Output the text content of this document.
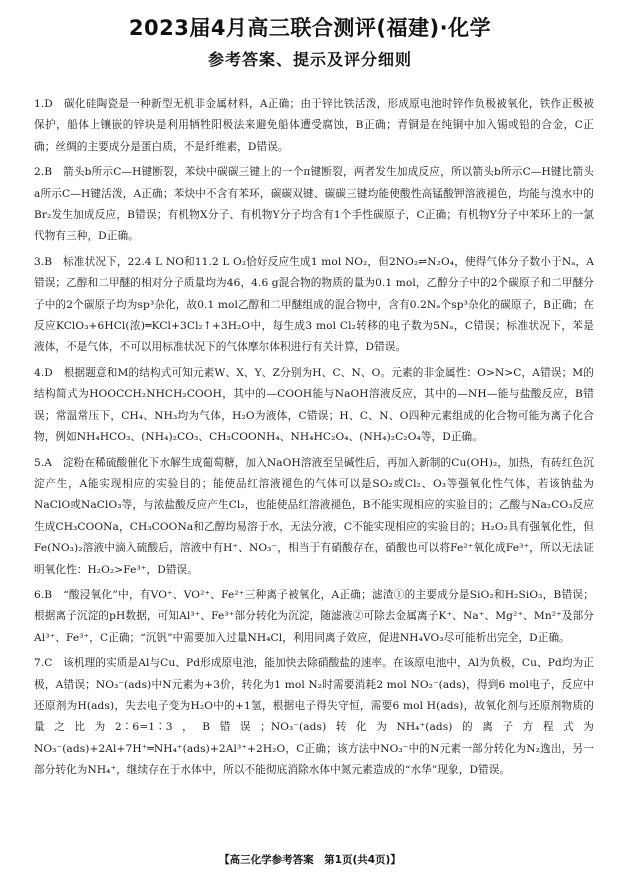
2023届4月高三联合测评(福建)·化学
参考答案、提示及评分细则

1.D　 碳化硅陶瓷是一种新型无机非金属材料，A正确；由于锌比铁活泼，形成原电池时锌作负极被氧化，铁作正极被保护，船体上镶嵌的锌块是利用牺牲阳极法来避免船体遭受腐蚀，B正确；青铜是在纯铜中加入锡或铅的合金，C正确；丝绸的主要成分是蛋白质，不是纤维素，D错误。

2.B　 箭头b所示C—H键断裂，苯炔中碳碳三键上的一个π键断裂，两者发生加成反应，所以箭头b所示C—H键比箭头a所示C—H键活泼，A正确；苯炔中不含有苯环，碳碳双键、碳碳三键均能使酸性高锰酸钾溶液褪色，均能与溴水中的Br₂发生加成反应，B错误；有机物X分子、有机物Y分子均含有1个手性碳原子，C正确；有机物Y分子中苯环上的一氯代物有三种，D正确。

3.B　 标准状况下，22.4 L NO和11.2 L O₂恰好反应生成1 mol NO₂，但2NO₂⇌N₂O₄，使得气体分子数小于Nₐ，A错误；乙醇和二甲醚的相对分子质量均为46，4.6 g混合物的物质的量为0.1 mol，乙醇分子中的2个碳原子和二甲醚分子中的2个碳原子均为sp³杂化，故0.1 mol乙醇和二甲醚组成的混合物中，含有0.2Nₐ个sp³杂化的碳原子，B正确；在反应KClO₃+6HCl(浓)═KCl+3Cl₂↑+3H₂O中，每生成3 mol Cl₂转移的电子数为5Nₐ，C错误；标准状况下，苯是液体，不是气体，不可以用标准状况下的气体摩尔体积进行有关计算，D错误。

4.D　 根据题意和M的结构式可知元素W、X、Y、Z分别为H、C、N、O。元素的非金属性：O>N>C，A错误；M的结构简式为HOOCCH₂NHCH₂COOH，其中的—COOH能与NaOH溶液反应，其中的—NH—能与盐酸反应，B错误；常温常压下，CH₄、NH₃均为气体，H₂O为液体，C错误；H、C、N、O四种元素组成的化合物可能为离子化合物，例如NH₄HCO₃、(NH₄)₂CO₃、CH₃COONH₄、NH₄HC₂O₄、(NH₄)₂C₂O₄等，D正确。

5.A　 淀粉在稀硫酸催化下水解生成葡萄糖，加入NaOH溶液至呈碱性后，再加入新制的Cu(OH)₂，加热，有砖红色沉淀产生，A能实现相应的实验目的；能使品红溶液褪色的气体可以是SO₂或Cl₂、O₃等强氧化性气体，若该钠盐为NaClO或NaClO₃等，与浓盐酸反应产生Cl₂，也能使品红溶液褪色，B不能实现相应的实验目的；乙酸与Na₂CO₃反应生成CH₃COONa，CH₃COONa和乙醇均易溶于水，无法分液，C不能实现相应的实验目的；H₂O₂具有强氧化性，但Fe(NO₃)₂溶液中滴入硫酸后，溶液中有H⁺、NO₃⁻，相当于有硝酸存在，硝酸也可以将Fe²⁺氧化成Fe³⁺，所以无法证明氧化性：H₂O₂>Fe³⁺，D错误。

6.B　 “酸浸氧化”中，有VO⁺、VO²⁺、Fe²⁺三种离子被氧化，A正确；滤渣①的主要成分是SiO₂和H₂SiO₃，B错误；根据离子沉淀的pH数据，可知Al³⁺、Fe³⁺部分转化为沉淀，随滤液②可除去金属离子K⁺、Na⁺、Mg²⁺、Mn²⁺及部分Al³⁺、Fe³⁺，C正确；“沉钒”中需要加入过量NH₄Cl，利用同离子效应，促进NH₄VO₃尽可能析出完全，D正确。

7.C　 该机理的实质是Al与Cu、Pd形成原电池，能加快去除硝酸盐的速率。在该原电池中，Al为负极，Cu、Pd均为正极，A错误；NO₃⁻(ads)中N元素为+3价，转化为1 mol N₂时需要消耗2 mol NO₂⁻(ads)，得到6 mol电子，反应中还原剂为H(ads)，失去电子变为H₂O中的+1氢，根据电子得失守恒，需要6 mol H(ads)，故氧化剂与还原剂物质的量之比为2∶6=1∶3，B错误；NO₃⁻(ads)转化为NH₄⁺(ads)的离子方程式为NO₃⁻(ads)+2Al+7H⁺═NH₄⁺(ads)+2Al³⁺+2H₂O，C正确；该方法中NO₃⁻中的N元素一部分转化为N₂逸出，另一部分转化为NH₄⁺，继续存在于水体中，所以不能彻底消除水体中氮元素造成的“水华”现象，D错误。

【高三化学参考答案　第1页(共4页)】
